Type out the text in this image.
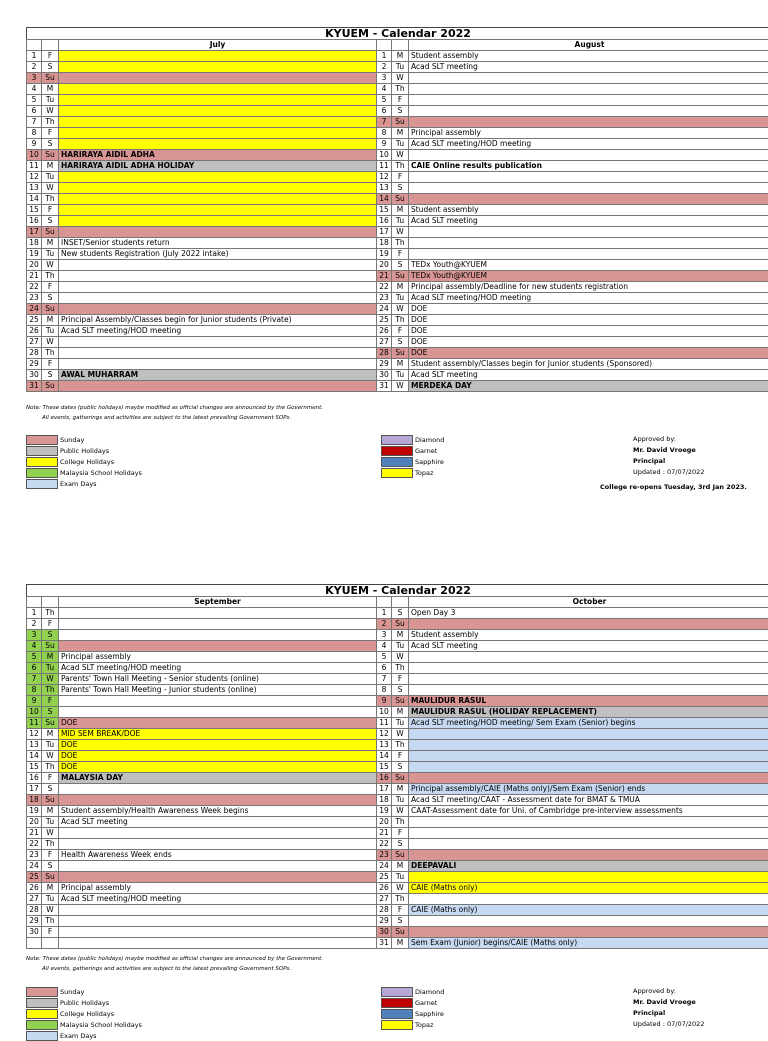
KYUEM - Calendar 2022
		July			August
1	F		1	M	Student assembly
2	S		2	Tu	Acad SLT meeting
3	Su		3	W	
4	M		4	Th	
5	Tu		5	F	
6	W		6	S	
7	Th		7	Su	
8	F		8	M	Principal assembly
9	S		9	Tu	Acad SLT meeting/HOD meeting
10	Su	HARIRAYA AIDIL ADHA	10	W	
11	M	HARIRAYA AIDIL ADHA HOLIDAY	11	Th	CAIE Online results publication
12	Tu		12	F	
13	W		13	S	
14	Th		14	Su	
15	F		15	M	Student assembly
16	S		16	Tu	Acad SLT meeting
17	Su		17	W	
18	M	INSET/Senior students return	18	Th	
19	Tu	New students Registration (July 2022 intake)	19	F	
20	W		20	S	TEDx Youth@KYUEM
21	Th		21	Su	TEDx Youth@KYUEM
22	F		22	M	Principal assembly/Deadline for new students registration
23	S		23	Tu	Acad SLT meeting/HOD meeting
24	Su		24	W	DOE
25	M	Principal Assembly/Classes begin for Junior students (Private)	25	Th	DOE
26	Tu	Acad SLT meeting/HOD meeting	26	F	DOE
27	W		27	S	DOE
28	Th		28	Su	DOE
29	F		29	M	Student assembly/Classes begin for Junior students (Sponsored)
30	S	AWAL MUHARRAM	30	Tu	Acad SLT meeting
31	Su		31	W	MERDEKA DAY
Note: These dates (public holidays) maybe modified as official changes are announced by the Government.
All events, gatherings and activities are subject to the latest prevailing Government SOPs.
Sunday
Public Holidays
College Holidays
Malaysia School Holidays
Exam Days
Diamond
Garnet
Sapphire
Topaz
Approved by:
Mr. David Vroege
Principal
Updated : 07/07/2022
College re-opens Tuesday, 3rd Jan 2023.
KYUEM - Calendar 2022
		September			October
1	Th		1	S	Open Day 3
2	F		2	Su	
3	S		3	M	Student assembly
4	Su		4	Tu	Acad SLT meeting
5	M	Principal assembly	5	W	
6	Tu	Acad SLT meeting/HOD meeting	6	Th	
7	W	Parents' Town Hall Meeting - Senior students (online)	7	F	
8	Th	Parents' Town Hall Meeting - Junior students (online)	8	S	
9	F		9	Su	MAULIDUR RASUL
10	S		10	M	MAULIDUR RASUL (HOLIDAY REPLACEMENT)
11	Su	DOE	11	Tu	Acad SLT meeting/HOD meeting/ Sem Exam (Senior) begins
12	M	MID SEM BREAK/DOE	12	W	
13	Tu	DOE	13	Th	
14	W	DOE	14	F	
15	Th	DOE	15	S	
16	F	MALAYSIA DAY	16	Su	
17	S		17	M	Principal assembly/CAIE (Maths only)/Sem Exam (Senior) ends
18	Su		18	Tu	Acad SLT meeting/CAAT - Assessment date for BMAT & TMUA
19	M	Student assembly/Health Awareness Week begins	19	W	CAAT-Assessment date for Uni. of Cambridge pre-interview assessments
20	Tu	Acad SLT meeting	20	Th	
21	W		21	F	
22	Th		22	S	
23	F	Health Awareness Week ends	23	Su	
24	S		24	M	DEEPAVALI
25	Su		25	Tu	
26	M	Principal assembly	26	W	CAIE (Maths only)
27	Tu	Acad SLT meeting/HOD meeting	27	Th	
28	W		28	F	CAIE (Maths only)
29	Th		29	S	
30	F		30	Su	
			31	M	Sem Exam (Junior) begins/CAIE (Maths only)
Note: These dates (public holidays) maybe modified as official changes are announced by the Government.
All events, gatherings and activities are subject to the latest prevailing Government SOPs.
Sunday
Public Holidays
College Holidays
Malaysia School Holidays
Exam Days
Diamond
Garnet
Sapphire
Topaz
Approved by:
Mr. David Vroege
Principal
Updated : 07/07/2022
